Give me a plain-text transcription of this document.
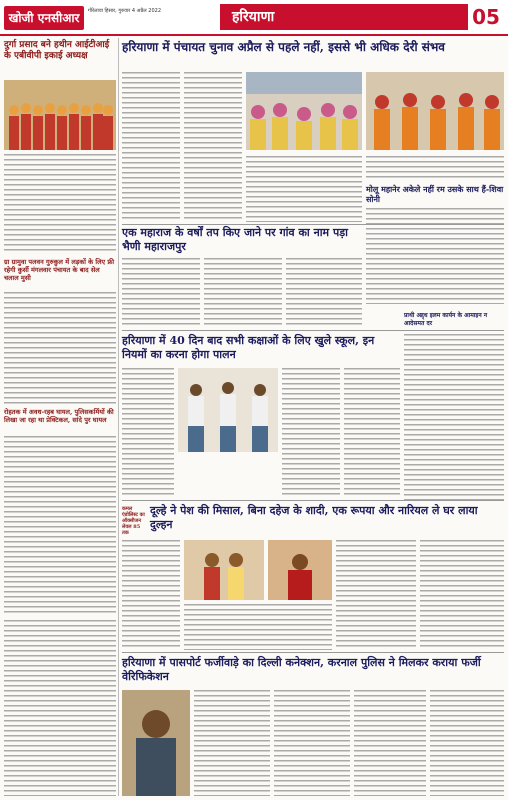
खोजी एनसीआर	गौरेलावा हिसार, गुरुवार 4 अप्रैल 2022	हरियाणा	05
दुर्गा प्रसाद बने हथीन आईटीआई के एबीवीपी इकाई अध्यक्ष
हरियाणा में पंचायत चुनाव अप्रैल से पहले नहीं, इससे भी अधिक देरी संभव
मोलू महानेर अकेले नहीं रम उसके साथ हैं-शिवा सोनी
एक महाराज के वर्षों तप किए जाने पर गांव का नाम पड़ा भैणी महाराजपुर
ग्रा ग्रामुवा पलवन गुरुकुल में लड़कों के लिए फ्री रहेगी कुर्सी मंगलवार पंचायत के बाद सेल चलाल मुसी
रोहतक में अवध-रहब घायल, पुलिसकर्मियों की लिखा जा रहा था प्रेक्टिकल, सांदे पुर घायल
प्राथी अद्द्ध इलम कार्यन के आमाइन न आदेसमत दर
हरियाणा में 40 दिन बाद सभी कक्षाओं के लिए खुले स्कूल, इन नियमों का करना होगा पालन
दूल्हे ने पेश की मिसाल, बिना दहेज के शादी, एक रूपया और नारियल ले घर लाया दुल्हन
कमल एंडोलिस्ट का ऑक्सीजन लेवल 85 तक
हरियाणा में पासपोर्ट फर्जीवाड़े का दिल्ली कनेक्शन, करनाल पुलिस ने मिलकर कराया फर्जी वेरिफिकेशन
